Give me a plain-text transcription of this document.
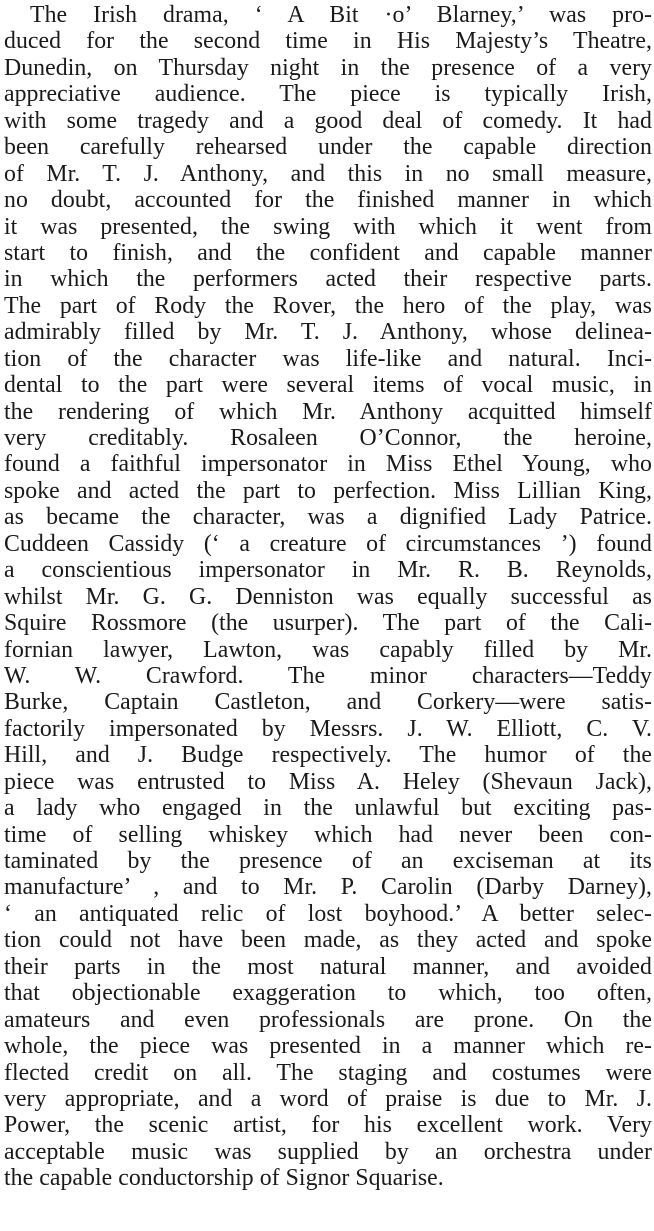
The Irish drama, ‘ A Bit ·o’ Blarney,’ was pro-
duced for the second time in His Majesty’s Theatre,
Dunedin, on Thursday night in the presence of a very
appreciative audience. The piece is typically Irish,
with some tragedy and a good deal of comedy. It had
been carefully rehearsed under the capable direction
of Mr. T. J. Anthony, and this in no small measure,
no doubt, accounted for the finished manner in which
it was presented, the swing with which it went from
start to finish, and the confident and capable manner
in which the performers acted their respective parts.
The part of Rody the Rover, the hero of the play, was
admirably filled by Mr. T. J. Anthony, whose delinea-
tion of the character was life-like and natural. Inci-
dental to the part were several items of vocal music, in
the rendering of which Mr. Anthony acquitted himself
very creditably. Rosaleen O’Connor, the heroine,
found a faithful impersonator in Miss Ethel Young, who
spoke and acted the part to perfection. Miss Lillian King,
as became the character, was a dignified Lady Patrice.
Cuddeen Cassidy (‘ a creature of circumstances ’) found
a conscientious impersonator in Mr. R. B. Reynolds,
whilst Mr. G. G. Denniston was equally successful as
Squire Rossmore (the usurper). The part of the Cali-
fornian lawyer, Lawton, was capably filled by Mr.
W. W. Crawford. The minor characters—Teddy
Burke, Captain Castleton, and Corkery—were satis-
factorily impersonated by Messrs. J. W. Elliott, C. V.
Hill, and J. Budge respectively. The humor of the
piece was entrusted to Miss A. Heley (Shevaun Jack),
a lady who engaged in the unlawful but exciting pas-
time of selling whiskey which had never been con-
taminated by the presence of an exciseman at its
manufacture’ , and to Mr. P. Carolin (Darby Darney),
‘ an antiquated relic of lost boyhood.’ A better selec-
tion could not have been made, as they acted and spoke
their parts in the most natural manner, and avoided
that objectionable exaggeration to which, too often,
amateurs and even professionals are prone. On the
whole, the piece was presented in a manner which re-
flected credit on all. The staging and costumes were
very appropriate, and a word of praise is due to Mr. J.
Power, the scenic artist, for his excellent work. Very
acceptable music was supplied by an orchestra under
the capable conductorship of Signor Squarise.
